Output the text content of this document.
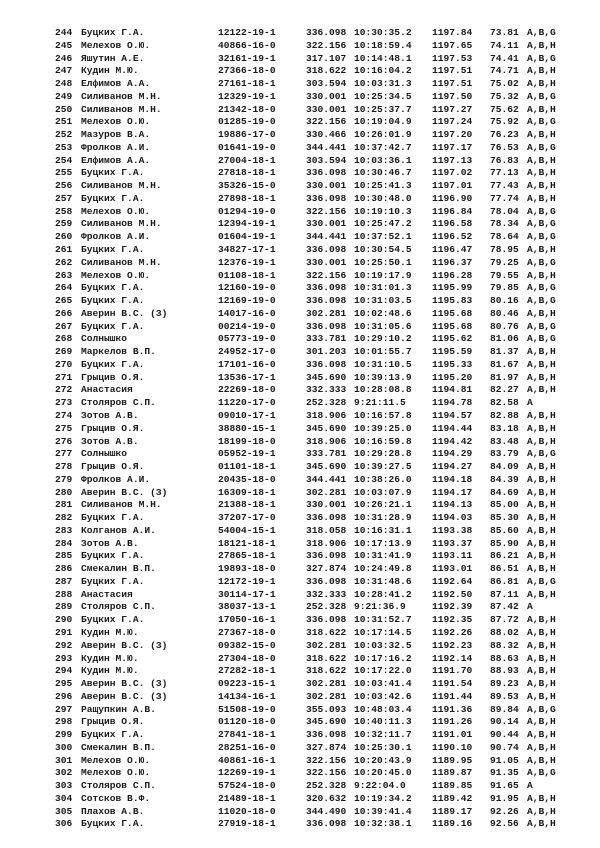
244 Буцких Г.А.	12122-19-1	336.098 10:30:35.2 1197.84 73.81 A,B,G
245 Мелехов О.Ю.	40866-16-0	322.156 10:18:59.4 1197.65 74.11 A,B,H
246 Яшутин А.Е.	32161-19-1	317.107 10:14:48.1 1197.53 74.41 A,B,G
247 Кудин М.Ю.	27366-18-0	318.622 10:16:04.2 1197.51 74.71 A,B,H
248 Елфимов А.А.	27161-18-1	303.594 10:03:31.3 1197.51 75.02 A,B,H
249 Силиванов М.Н.	12329-19-1	330.001 10:25:34.5 1197.50 75.32 A,B,G
250 Силиванов М.Н.	21342-18-0	330.001 10:25:37.7 1197.27 75.62 A,B,H
251 Мелехов О.Ю.	01285-19-0	322.156 10:19:04.9 1197.24 75.92 A,B,G
252 Мазуров В.А.	19886-17-0	330.466 10:26:01.9 1197.20 76.23 A,B,H
253 Фролков А.И.	01641-19-0	344.441 10:37:42.7 1197.17 76.53 A,B,G
254 Елфимов А.А.	27004-18-1	303.594 10:03:36.1 1197.13 76.83 A,B,H
255 Буцких Г.А.	27818-18-1	336.098 10:30:46.7 1197.02 77.13 A,B,H
256 Силиванов М.Н.	35326-15-0	330.001 10:25:41.3 1197.01 77.43 A,B,H
257 Буцких Г.А.	27898-18-1	336.098 10:30:48.0 1196.90 77.74 A,B,H
258 Мелехов О.Ю.	01294-19-0	322.156 10:19:10.3 1196.84 78.04 A,B,G
259 Силиванов М.Н.	12394-19-1	330.001 10:25:47.2 1196.58 78.34 A,B,G
260 Фролков А.И.	01604-19-1	344.441 10:37:52.1 1196.52 78.64 A,B,G
261 Буцких Г.А.	34827-17-1	336.098 10:30:54.5 1196.47 78.95 A,B,H
262 Силиванов М.Н.	12376-19-1	330.001 10:25:50.1 1196.37 79.25 A,B,G
263 Мелехов О.Ю.	01108-18-1	322.156 10:19:17.9 1196.28 79.55 A,B,H
264 Буцких Г.А.	12160-19-0	336.098 10:31:01.3 1195.99 79.85 A,B,G
265 Буцких Г.А.	12169-19-0	336.098 10:31:03.5 1195.83 80.16 A,B,G
266 Аверин В.С. (З)	14017-16-0	302.281 10:02:48.6 1195.68 80.46 A,B,H
267 Буцких Г.А.	00214-19-0	336.098 10:31:05.6 1195.68 80.76 A,B,G
268 Солнышко	05773-19-0	333.781 10:29:10.2 1195.62 81.06 A,B,G
269 Маркелов В.П.	24952-17-0	301.203 10:01:55.7 1195.59 81.37 A,B,H
270 Буцких Г.А.	17101-16-0	336.098 10:31:10.5 1195.33 81.67 A,B,H
271 Грыцив О.Я.	13536-17-1	345.690 10:39:13.9 1195.20 81.97 A,B,H
272 Анастасия	22269-18-0	332.333 10:28:08.8 1194.81 82.27 A,B,H
273 Столяров С.П.	11220-17-0	252.328 9:21:11.5	1194.78 82.58 A
274 Зотов А.В.	09010-17-1	318.906 10:16:57.8 1194.57 82.88 A,B,H
275 Грыцив О.Я.	38880-15-1	345.690 10:39:25.0 1194.44 83.18 A,B,H
276 Зотов А.В.	18199-18-0	318.906 10:16:59.8 1194.42 83.48 A,B,H
277 Солнышко	05952-19-1	333.781 10:29:28.8 1194.29 83.79 A,B,G
278 Грыцив О.Я.	01101-18-1	345.690 10:39:27.5 1194.27 84.09 A,B,H
279 Фролков А.И.	20435-18-0	344.441 10:38:26.0 1194.18 84.39 A,B,H
280 Аверин В.С. (З)	16309-18-1	302.281 10:03:07.9 1194.17 84.69 A,B,H
281 Силиванов М.Н.	21388-18-1	330.001 10:26:21.1 1194.13 85.00 A,B,H
282 Буцких Г.А.	37207-17-0	336.098 10:31:28.9 1194.03 85.30 A,B,H
283 Колганов А.И.	54004-15-1	318.058 10:16:31.1 1193.38 85.60 A,B,H
284 Зотов А.В.	18121-18-1	318.906 10:17:13.9 1193.37 85.90 A,B,H
285 Буцких Г.А.	27865-18-1	336.098 10:31:41.9 1193.11 86.21 A,B,H
286 Смекалин В.П.	19893-18-0	327.874 10:24:49.8 1193.01 86.51 A,B,H
287 Буцких Г.А.	12172-19-1	336.098 10:31:48.6 1192.64 86.81 A,B,G
288 Анастасия	30114-17-1	332.333 10:28:41.2 1192.50 87.11 A,B,H
289 Столяров С.П.	38037-13-1	252.328 9:21:36.9	1192.39 87.42 A
290 Буцких Г.А.	17050-16-1	336.098 10:31:52.7 1192.35 87.72 A,B,H
291 Кудин М.Ю.	27367-18-0	318.622 10:17:14.5 1192.26 88.02 A,B,H
292 Аверин В.С. (З)	09382-15-0	302.281 10:03:32.5 1192.23 88.32 A,B,H
293 Кудин М.Ю.	27304-18-0	318.622 10:17:16.2 1192.14 88.63 A,B,H
294 Кудин М.Ю.	27282-18-1	318.622 10:17:22.0 1191.70 88.93 A,B,H
295 Аверин В.С. (З)	09223-15-1	302.281 10:03:41.4 1191.54 89.23 A,B,H
296 Аверин В.С. (З)	14134-16-1	302.281 10:03:42.6 1191.44 89.53 A,B,H
297 Ращупкин А.В.	51508-19-0	355.093 10:48:03.4 1191.36 89.84 A,B,G
298 Грыцив О.Я.	01120-18-0	345.690 10:40:11.3 1191.26 90.14 A,B,H
299 Буцких Г.А.	27841-18-1	336.098 10:32:11.7 1191.01 90.44 A,B,H
300 Смекалин В.П.	28251-16-0	327.874 10:25:30.1 1190.10 90.74 A,B,H
301 Мелехов О.Ю.	40861-16-1	322.156 10:20:43.9 1189.95 91.05 A,B,H
302 Мелехов О.Ю.	12269-19-1	322.156 10:20:45.0 1189.87 91.35 A,B,G
303 Столяров С.П.	57524-18-0	252.328 9:22:04.0	1189.85 91.65 A
304 Сотсков В.Ф.	21489-18-1	320.632 10:19:34.2 1189.42 91.95 A,B,H
305 Плахов А.В.	11020-18-0	344.490 10:39:41.4 1189.17 92.26 A,B,H
306 Буцких Г.А.	27919-18-1	336.098 10:32:38.1 1189.16 92.56 A,B,H
